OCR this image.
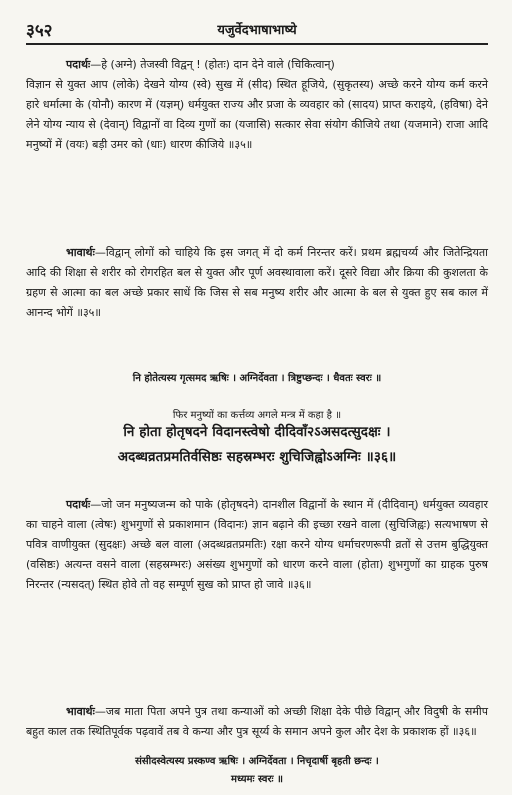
३५२	यजुर्वेदभाषाभाष्ये

पदार्थः—हे (अग्ने) तेजस्वी विद्वन् ! (होतः) दान देने वाले (चिकित्वान्)

विज्ञान से युक्त आप (लोके) देखने योग्य (स्वे) सुख में (सीद) स्थित हूजिये, (सुकृतस्य) अच्छे करने योग्य कर्म करने हारे धर्मात्मा के (योनौ) कारण में (यज्ञम्) धर्मयुक्त राज्य और प्रजा के व्यवहार को (सादय) प्राप्त कराइये, (हविषा) देने लेने योग्य न्याय से (देवान्) विद्वानों वा दिव्य गुणों का (यजासि) सत्कार सेवा संयोग कीजिये तथा (यजमाने) राजा आदि मनुष्यों में (वयः) बड़ी उमर को (धाः) धारण कीजिये ॥३५॥

भावार्थः—विद्वान् लोगों को चाहिये कि इस जगत् में दो कर्म निरन्तर करें। प्रथम ब्रह्मचर्य्य और जितेन्द्रियता आदि की शिक्षा से शरीर को रोगरहित बल से युक्त और पूर्ण अवस्थावाला करें। दूसरे विद्या और क्रिया की कुशलता के ग्रहण से आत्मा का बल अच्छे प्रकार साधें कि जिस से सब मनुष्य शरीर और आत्मा के बल से युक्त हुए सब काल में आनन्द भोगें ॥३५॥

नि होतेत्यस्य गृत्समद ऋषिः । अग्निर्देवता । त्रिष्टुप्छन्दः । धैवतः स्वरः ॥

फिर मनुष्यों का कर्त्तव्य अगले मन्त्र में कहा है ॥

नि होता होतृषदने विदानस्त्वेषो दीदिवाँ२ऽअसदत्सुदक्षः ।

अदब्धव्रतप्रमतिर्वसिष्ठः सहस्रम्भरः शुचिजिह्वोऽअग्निः ॥३६॥

पदार्थः—जो जन मनुष्यजन्म को पाके (होतृषदने) दानशील विद्वानों के स्थान में (दीदिवान्) धर्मयुक्त व्यवहार का चाहने वाला (त्वेषः) शुभगुणों से प्रकाशमान (विदानः) ज्ञान बढ़ाने की इच्छा रखने वाला (सुचिजिह्वः) सत्यभाषण से पवित्र वाणीयुक्त (सुदक्षः) अच्छे बल वाला (अदब्धव्रतप्रमतिः) रक्षा करने योग्य धर्माचरणरूपी व्रतों से उत्तम बुद्धियुक्त (वसिष्ठः) अत्यन्त वसने वाला (सहस्रम्भरः) असंख्य शुभगुणों को धारण करने वाला (होता) शुभगुणों का ग्राहक पुरुष निरन्तर (न्यसदत्) स्थित होवे तो वह सम्पूर्ण सुख को प्राप्त हो जावे ॥३६॥

भावार्थः—जब माता पिता अपने पुत्र तथा कन्याओं को अच्छी शिक्षा देके पीछे विद्वान् और विदुषी के समीप बहुत काल तक स्थितिपूर्वक पढ़वावें तब वे कन्या और पुत्र सूर्य्य के समान अपने कुल और देश के प्रकाशक हों ॥३६॥

संसीदस्वेत्यस्य प्रस्कण्व ऋषिः । अग्निर्देवता । निचृदार्षी बृहती छन्दः ।

मध्यमः स्वरः ॥
